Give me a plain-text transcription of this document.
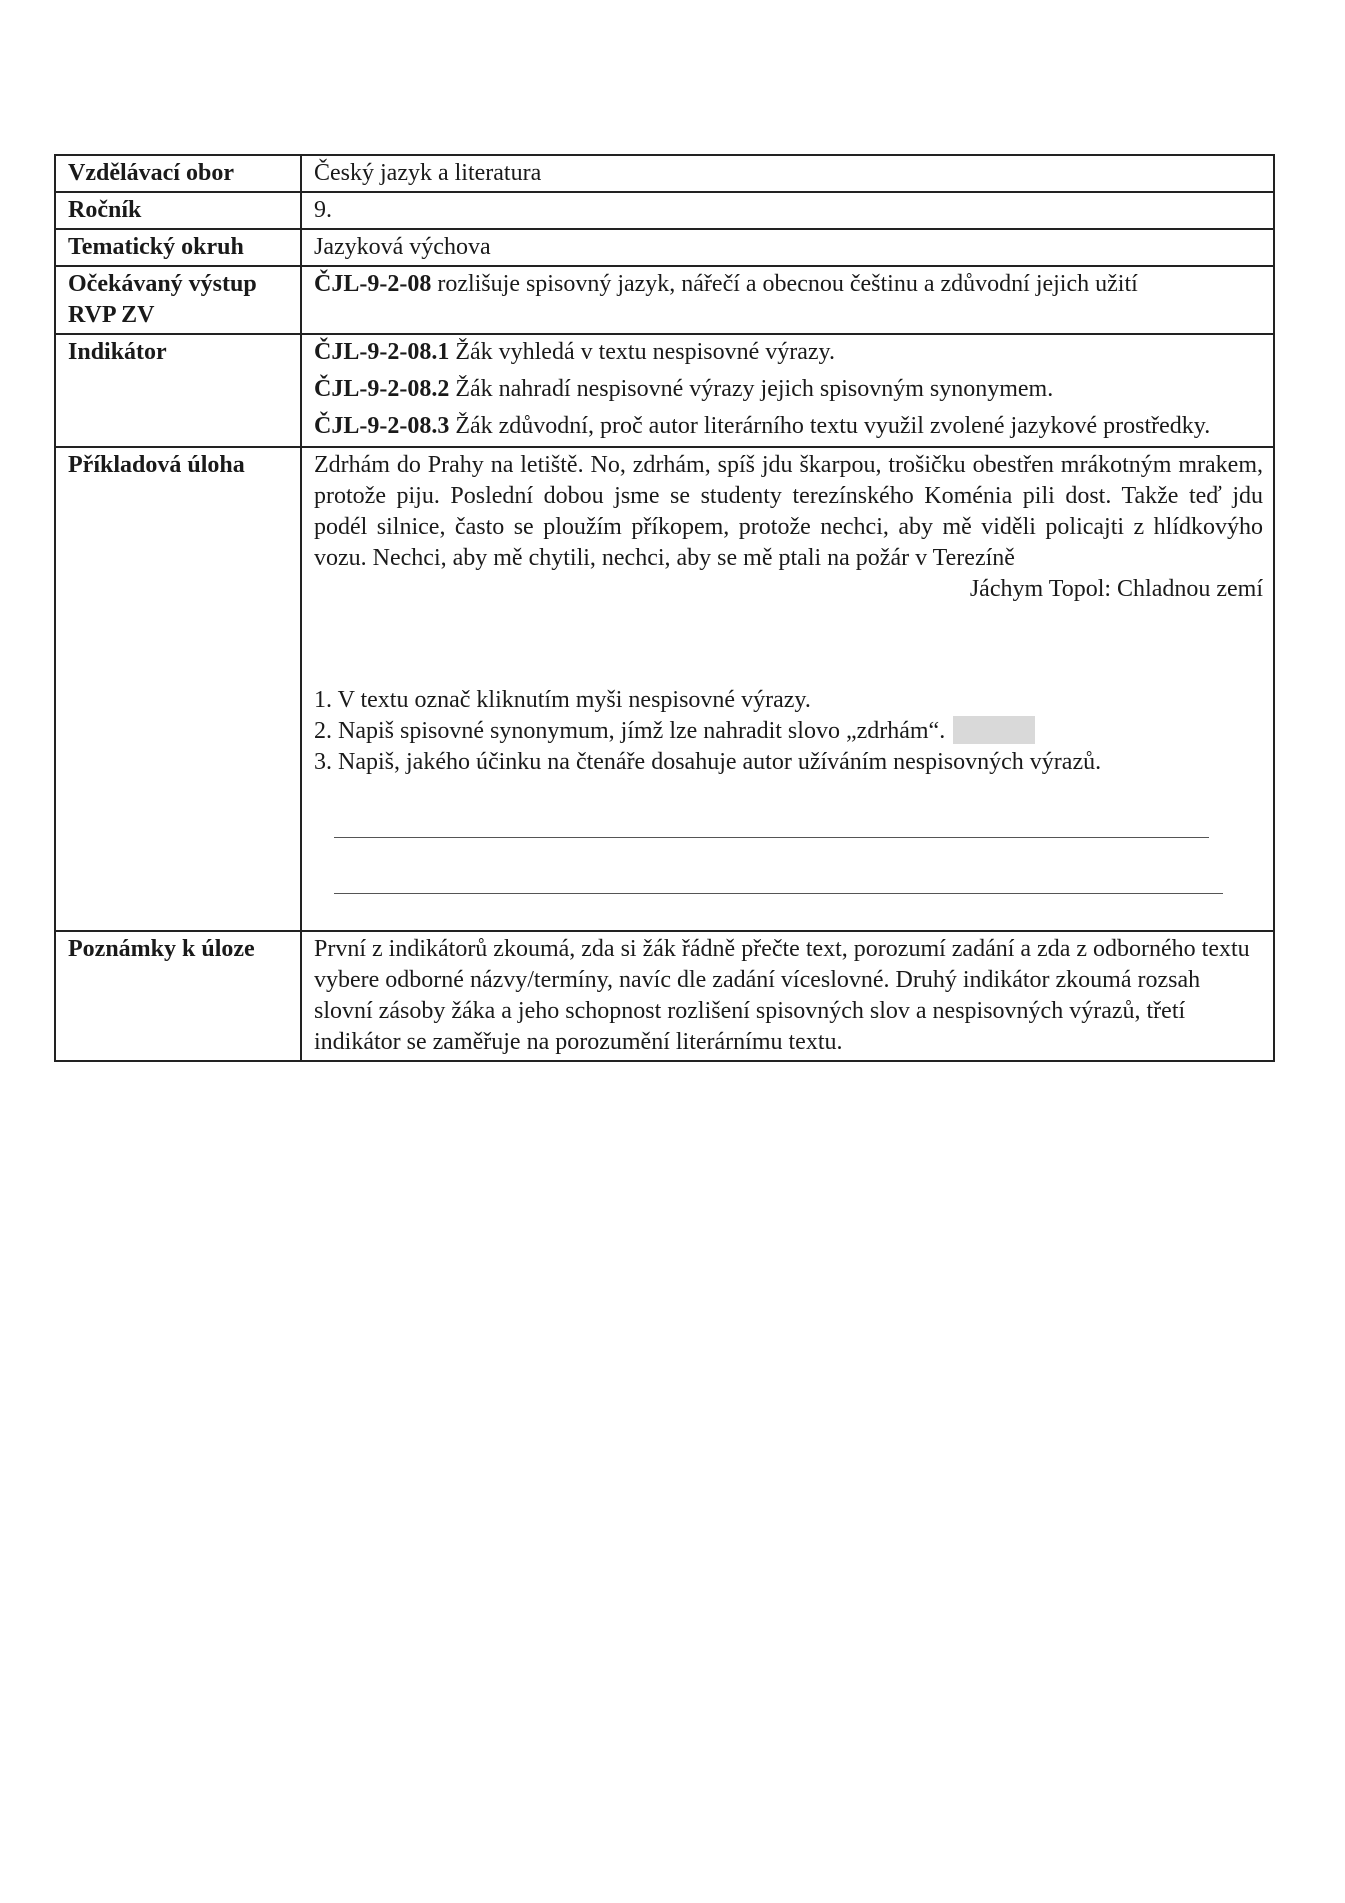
Vzdělávací obor	Český jazyk a literatura
Ročník	9.
Tematický okruh	Jazyková výchova
Očekávaný výstup RVP ZV	ČJL-9-2-08 rozlišuje spisovný jazyk, nářečí a obecnou češtinu a zdůvodní jejich užití
Indikátor	ČJL-9-2-08.1 Žák vyhledá v textu nespisovné výrazy.
ČJL-9-2-08.2 Žák nahradí nespisovné výrazy jejich spisovným synonymem.
ČJL-9-2-08.3 Žák zdůvodní, proč autor literárního textu využil zvolené jazykové prostředky.

Příkladová úloha	Zdrhám do Prahy na letiště. No, zdrhám, spíš jdu škarpou, trošičku obestřen mrákotným mrakem, protože piju. Poslední dobou jsme se studenty terezínského Koménia pili dost. Takže teď jdu podél silnice, často se ploužím příkopem, protože nechci, aby mě viděli policajti z hlídkovýho vozu. Nechci, aby mě chytili, nechci, aby se mě ptali na požár v Terezíně
Jáchym Topol: Chladnou zemí
1. V textu označ kliknutím myši nespisovné výrazy.
2. Napiš spisovné synonymum, jímž lze nahradit slovo „zdrhám“.
3. Napiš, jakého účinku na čtenáře dosahuje autor užíváním nespisovných výrazů.

Poznámky k úloze	První z indikátorů zkoumá, zda si žák řádně přečte text, porozumí zadání a zda z odborného textu vybere odborné názvy/termíny, navíc dle zadání víceslovné. Druhý indikátor zkoumá rozsah slovní zásoby žáka a jeho schopnost rozlišení spisovných slov a nespisovných výrazů, třetí indikátor se zaměřuje na porozumění literárnímu textu.
